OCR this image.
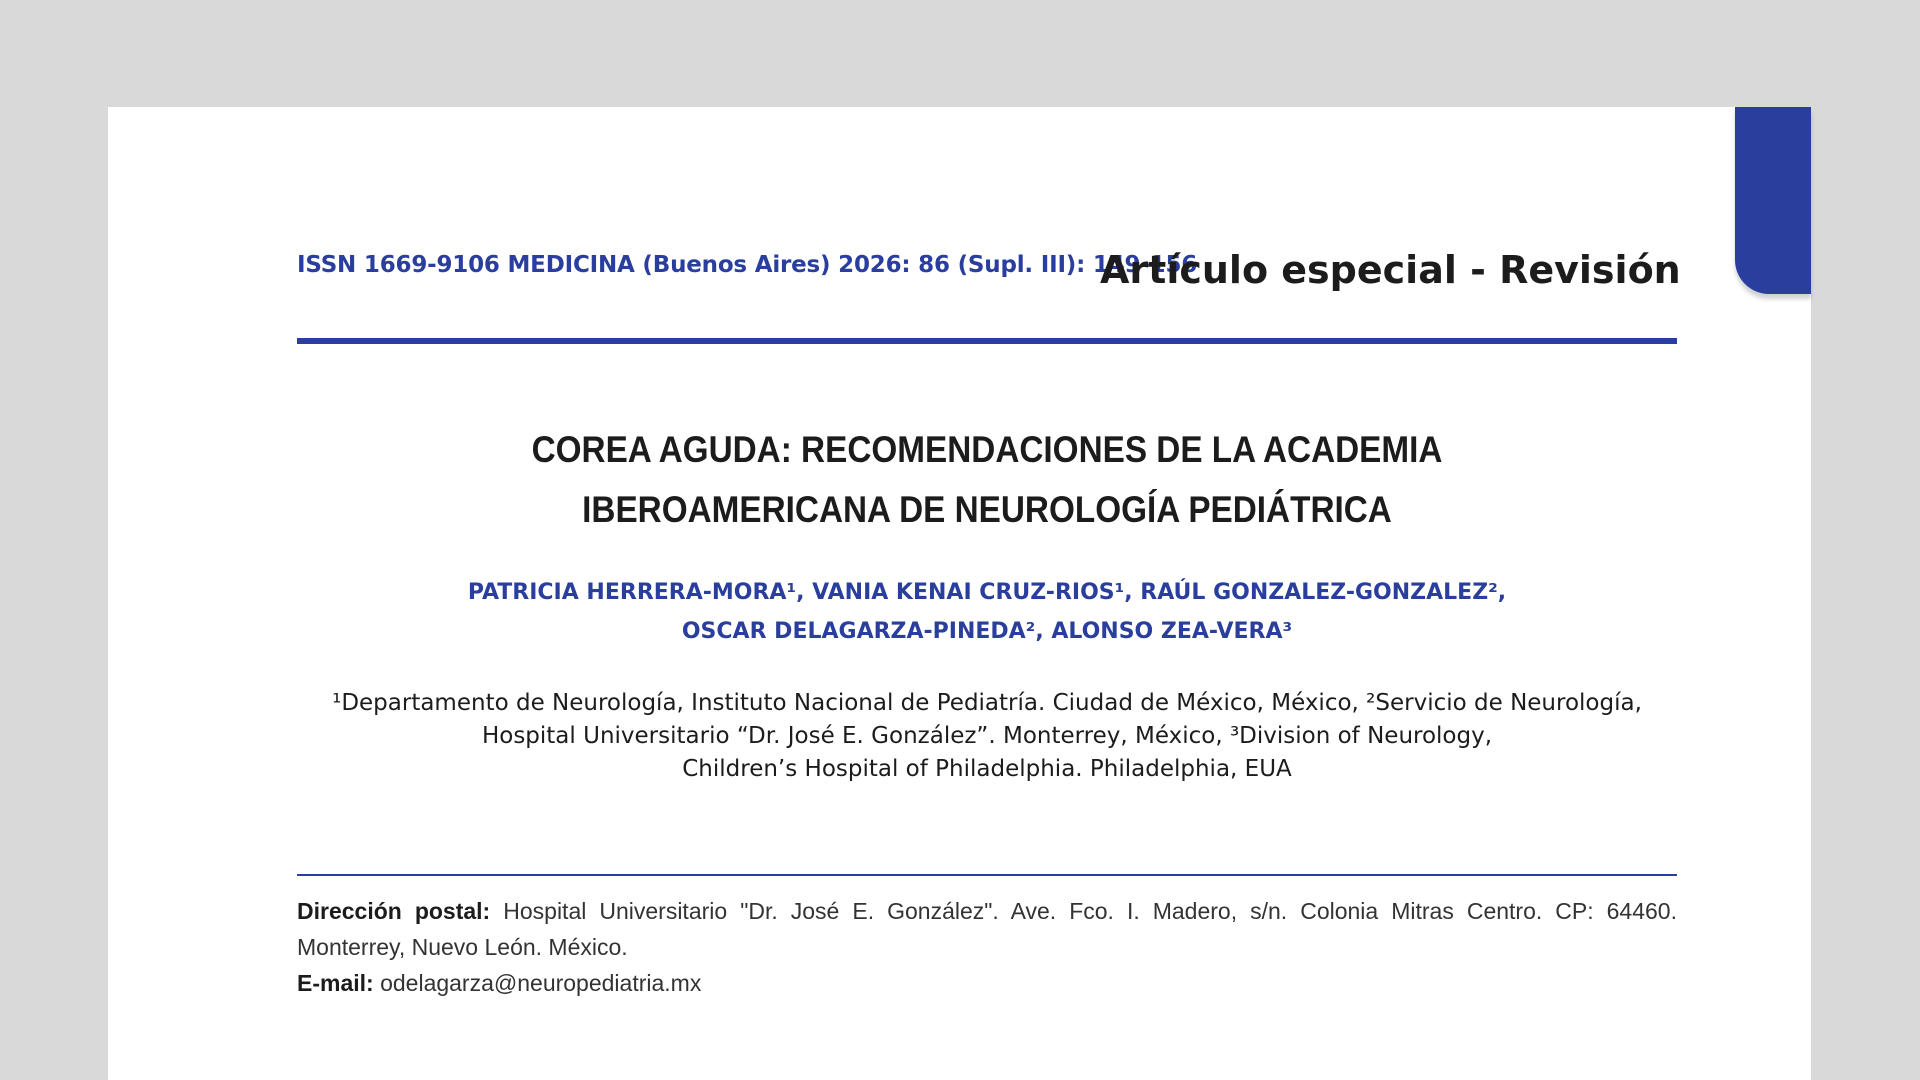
ISSN 1669-9106 MEDICINA (Buenos Aires) 2026: 86 (Supl. III): 149-156
Artículo especial - Revisión
COREA AGUDA: RECOMENDACIONES DE LA ACADEMIA
IBEROAMERICANA DE NEUROLOGÍA PEDIÁTRICA
PATRICIA HERRERA-MORA¹, VANIA KENAI CRUZ-RIOS¹, RAÚL GONZALEZ-GONZALEZ²,
OSCAR DELAGARZA-PINEDA², ALONSO ZEA-VERA³
¹Departamento de Neurología, Instituto Nacional de Pediatría. Ciudad de México, México, ²Servicio de Neurología,
Hospital Universitario “Dr. José E. González”. Monterrey, México, ³Division of Neurology,
Children’s Hospital of Philadelphia. Philadelphia, EUA
Dirección postal: Hospital Universitario "Dr. José E. González". Ave. Fco. I. Madero, s/n. Colonia Mitras Centro. CP: 64460. Monterrey, Nuevo León. México.
E-mail: odelagarza@neuropediatria.mx
